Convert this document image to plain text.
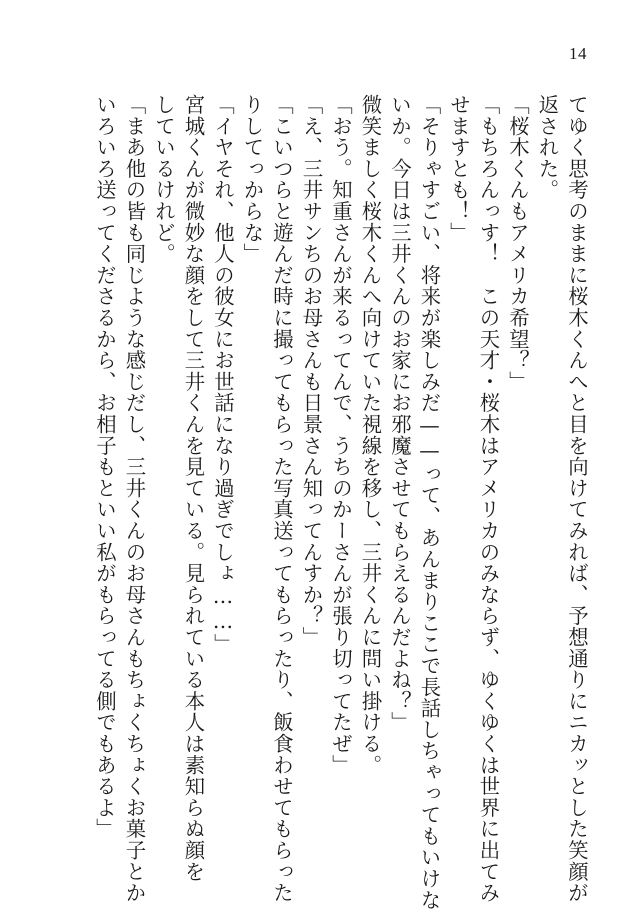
14

てゆく思考のままに桜木くんへと目を向けてみれば、予想通りにニカッとした笑顔が

返された。

「桜木くんもアメリカ希望？」

「もちろんっす！　この天才・桜木はアメリカのみならず、ゆくゆくは世界に出てみ

せますとも！」

「そりゃすごい、将来が楽しみだ——って、あんまりここで長話しちゃってもいけな

いか。今日は三井くんのお家にお邪魔させてもらえるんだよね？」

微笑ましく桜木くんへ向けていた視線を移し、三井くんに問い掛ける。

「おう。知重さんが来るってんで、うちのかーさんが張り切ってたぜ」

「え、三井サンちのお母さんも日景さん知ってんすか？」

「こいつらと遊んだ時に撮ってもらった写真送ってもらったり、飯食わせてもらった

りしてっからな」

「イヤそれ、他人の彼女にお世話になり過ぎでしょ……」

宮城くんが微妙な顔をして三井くんを見ている。見られている本人は素知らぬ顔を

しているけれど。

「まあ他の皆も同じような感じだし、三井くんのお母さんもちょくちょくお菓子とか

いろいろ送ってくださるから、お相子もといい私がもらってる側でもあるよ」
